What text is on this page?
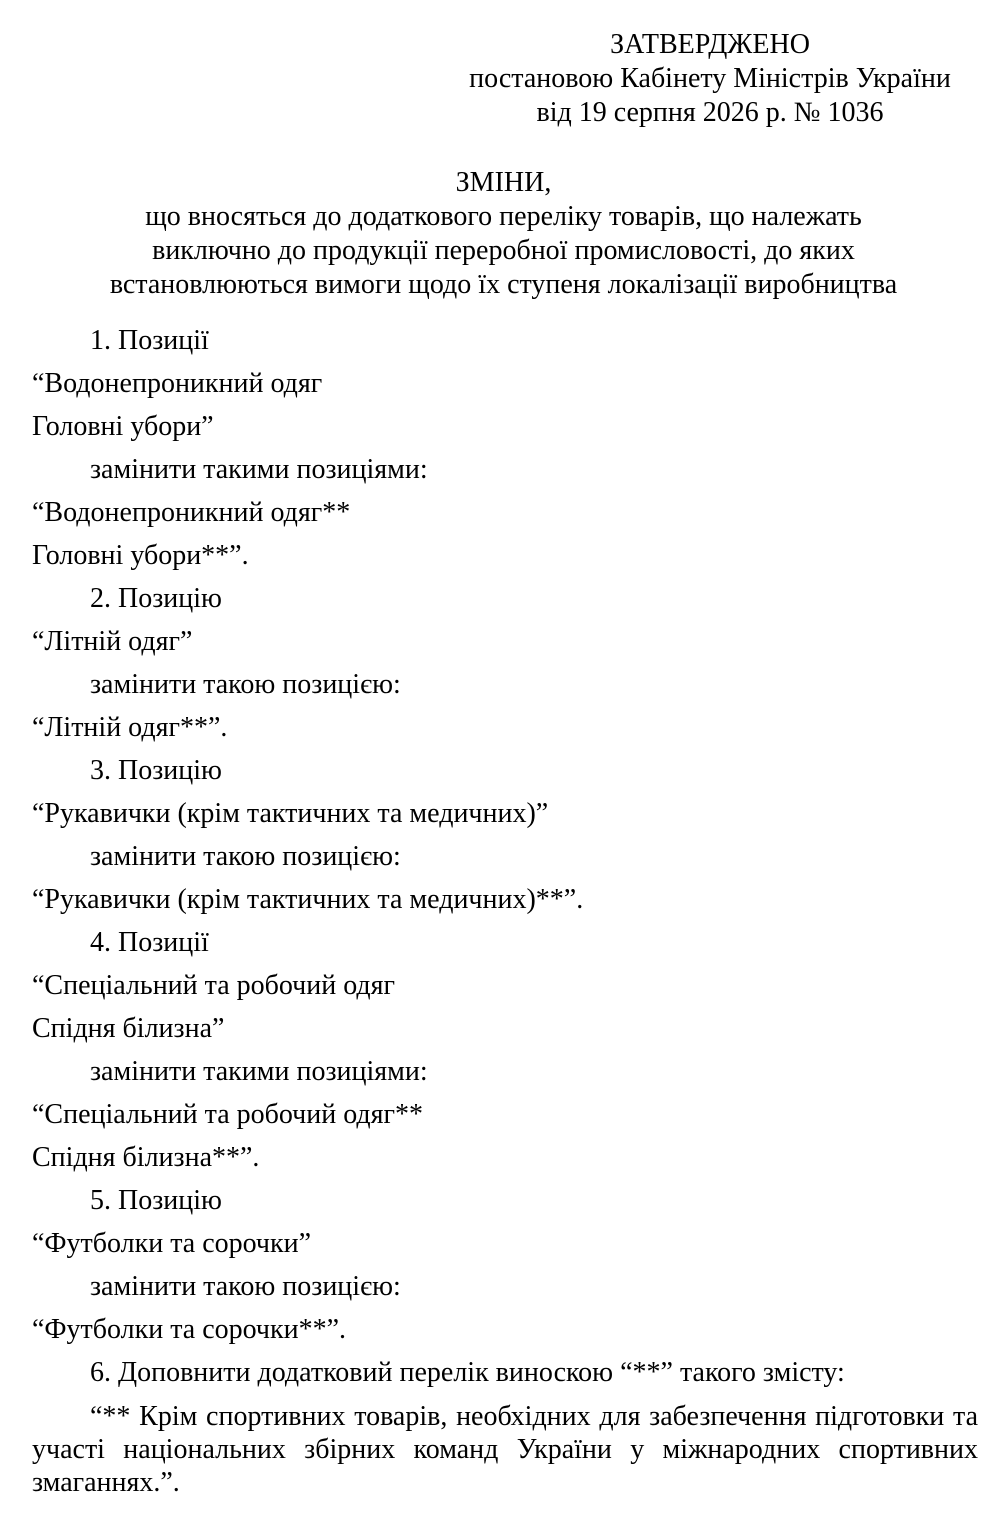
ЗАТВЕРДЖЕНО
постановою Кабінету Міністрів України
від 19 серпня 2026 р. № 1036
ЗМІНИ,
що вносяться до додаткового переліку товарів, що належать
виключно до продукції переробної промисловості, до яких
встановлюються вимоги щодо їх ступеня локалізації виробництва
1. Позиції
“Водонепроникний одяг
Головні убори”
замінити такими позиціями:
“Водонепроникний одяг**
Головні убори**”.
2. Позицію
“Літній одяг”
замінити такою позицією:
“Літній одяг**”.
3. Позицію
“Рукавички (крім тактичних та медичних)”
замінити такою позицією:
“Рукавички (крім тактичних та медичних)**”.
4. Позиції
“Спеціальний та робочий одяг
Спідня білизна”
замінити такими позиціями:
“Спеціальний та робочий одяг**
Спідня білизна**”.
5. Позицію
“Футболки та сорочки”
замінити такою позицією:
“Футболки та сорочки**”.
6. Доповнити додатковий перелік виноскою “**” такого змісту:
“** Крім спортивних товарів, необхідних для забезпечення підготовки та участі національних збірних команд України у міжнародних спортивних змаганнях.”.
